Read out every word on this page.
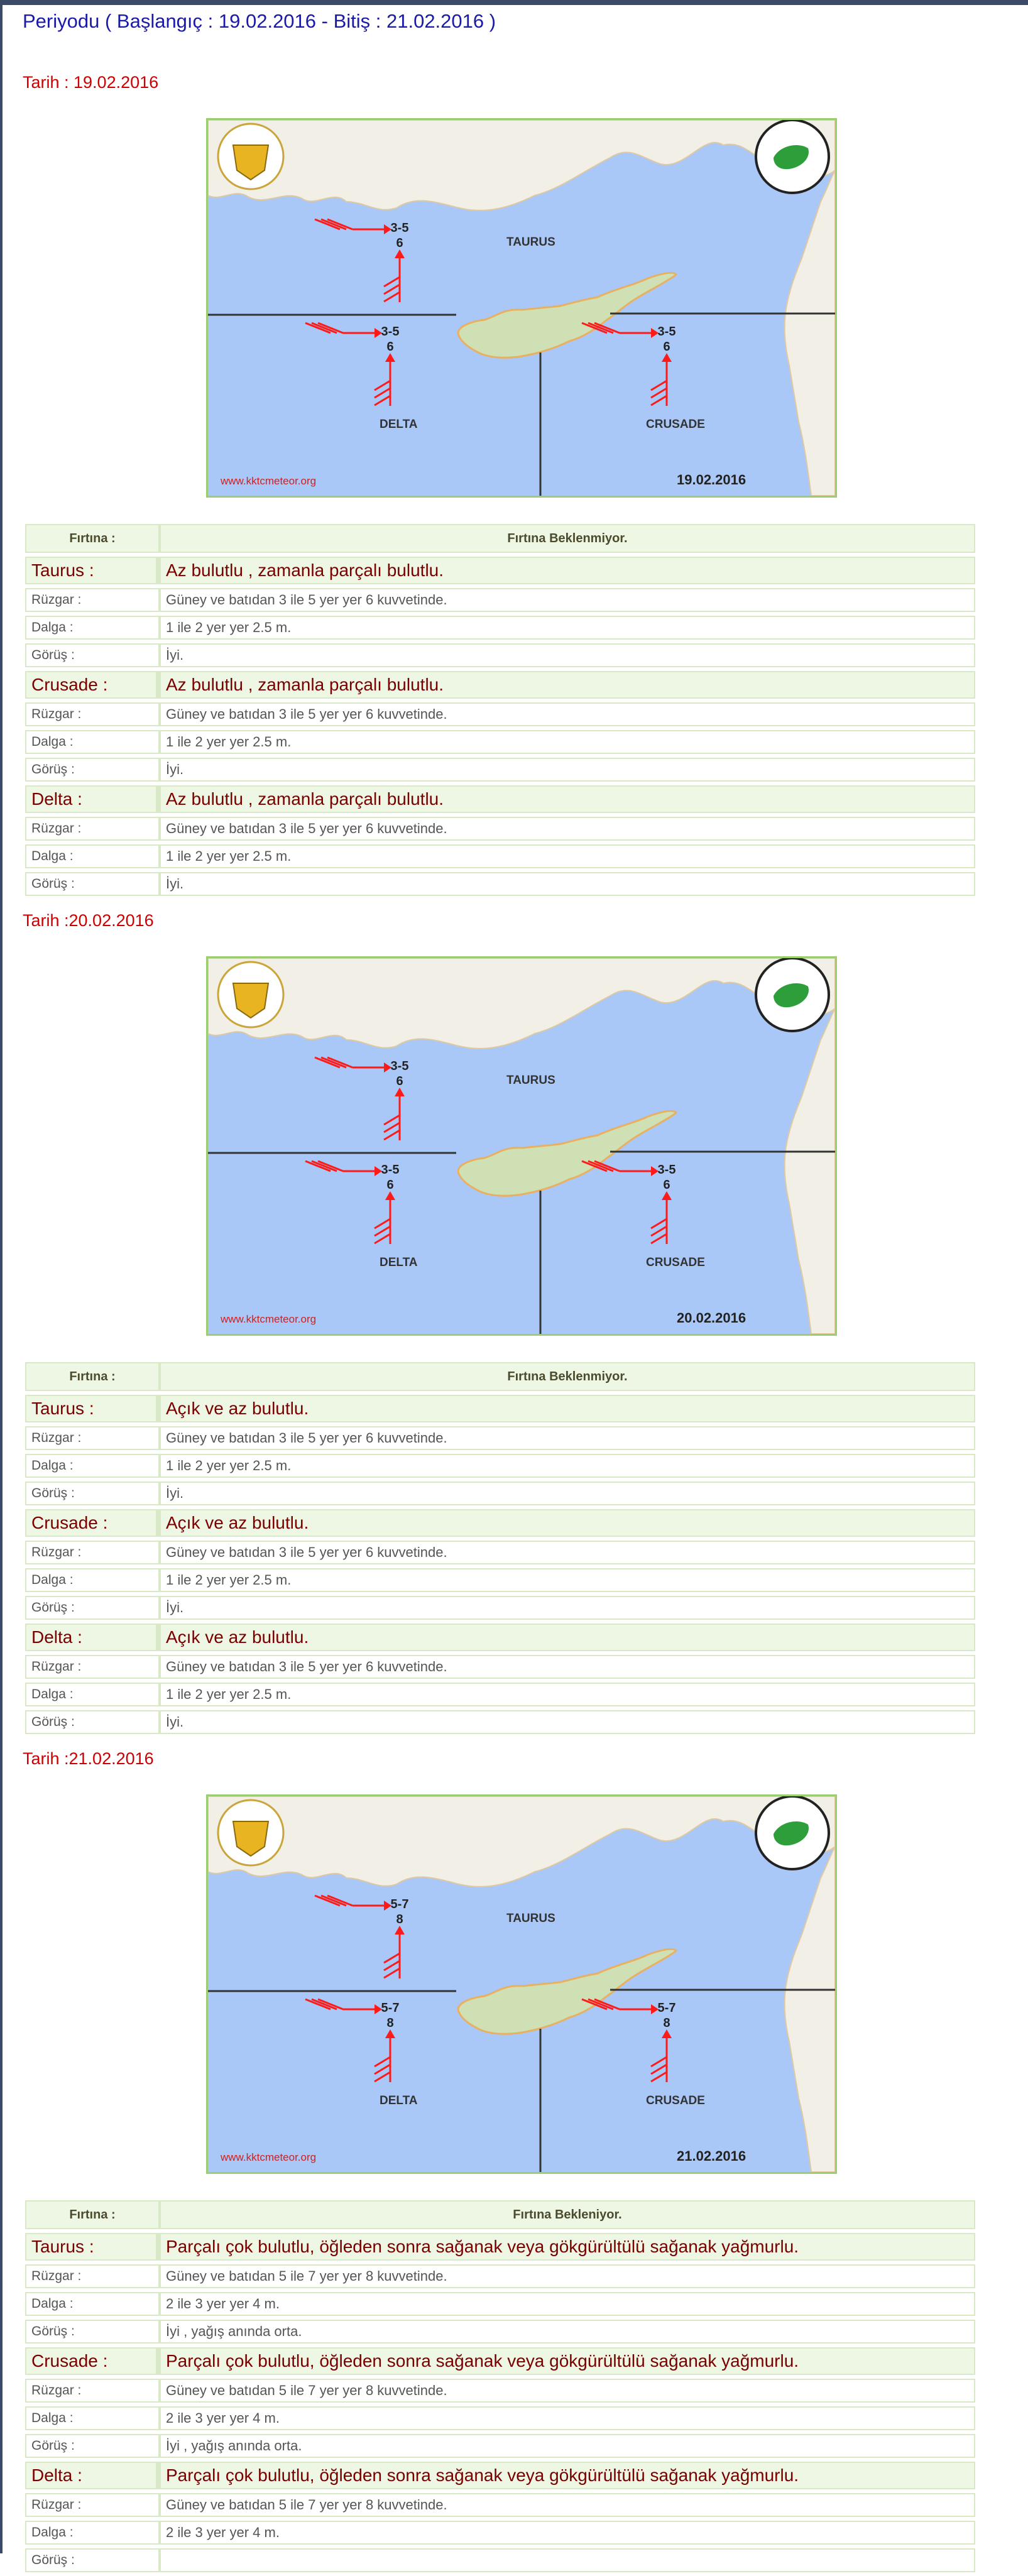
Periyodu ( Başlangıç : 19.02.2016 - Bitiş : 21.02.2016 )
Tarih : 19.02.2016
TAURUS
DELTA	CRUSADE
3-5
6
3-5
6
3-5
6
www.kktcmeteor.org	19.02.2016
Fırtına :	Fırtına Beklenmiyor.
Taurus :	Az bulutlu , zamanla parçalı bulutlu.
Rüzgar :	Güney ve batıdan 3 ile 5 yer yer 6 kuvvetinde.
Dalga :	1 ile 2 yer yer 2.5 m.
Görüş :	İyi.
Crusade :	Az bulutlu , zamanla parçalı bulutlu.
Rüzgar :	Güney ve batıdan 3 ile 5 yer yer 6 kuvvetinde.
Dalga :	1 ile 2 yer yer 2.5 m.
Görüş :	İyi.
Delta :	Az bulutlu , zamanla parçalı bulutlu.
Rüzgar :	Güney ve batıdan 3 ile 5 yer yer 6 kuvvetinde.
Dalga :	1 ile 2 yer yer 2.5 m.
Görüş :	İyi.
Tarih :20.02.2016
TAURUS
DELTA	CRUSADE
3-5
6
3-5
6
3-5
6
www.kktcmeteor.org	20.02.2016
Fırtına :	Fırtına Beklenmiyor.
Taurus :	Açık ve az bulutlu.
Rüzgar :	Güney ve batıdan 3 ile 5 yer yer 6 kuvvetinde.
Dalga :	1 ile 2 yer yer 2.5 m.
Görüş :	İyi.
Crusade :	Açık ve az bulutlu.
Rüzgar :	Güney ve batıdan 3 ile 5 yer yer 6 kuvvetinde.
Dalga :	1 ile 2 yer yer 2.5 m.
Görüş :	İyi.
Delta :	Açık ve az bulutlu.
Rüzgar :	Güney ve batıdan 3 ile 5 yer yer 6 kuvvetinde.
Dalga :	1 ile 2 yer yer 2.5 m.
Görüş :	İyi.
Tarih :21.02.2016
TAURUS
DELTA	CRUSADE
5-7
8
5-7
8
5-7
8
www.kktcmeteor.org	21.02.2016
Fırtına :	Fırtına Bekleniyor.
Taurus :	Parçalı çok bulutlu, öğleden sonra sağanak veya gökgürültülü sağanak yağmurlu.
Rüzgar :	Güney ve batıdan 5 ile 7 yer yer 8 kuvvetinde.
Dalga :	2 ile 3 yer yer 4 m.
Görüş :	İyi , yağış anında orta.
Crusade :	Parçalı çok bulutlu, öğleden sonra sağanak veya gökgürültülü sağanak yağmurlu.
Rüzgar :	Güney ve batıdan 5 ile 7 yer yer 8 kuvvetinde.
Dalga :	2 ile 3 yer yer 4 m.
Görüş :	İyi , yağış anında orta.
Delta :	Parçalı çok bulutlu, öğleden sonra sağanak veya gökgürültülü sağanak yağmurlu.
Rüzgar :	Güney ve batıdan 5 ile 7 yer yer 8 kuvvetinde.
Dalga :	2 ile 3 yer yer 4 m.
Görüş :	
